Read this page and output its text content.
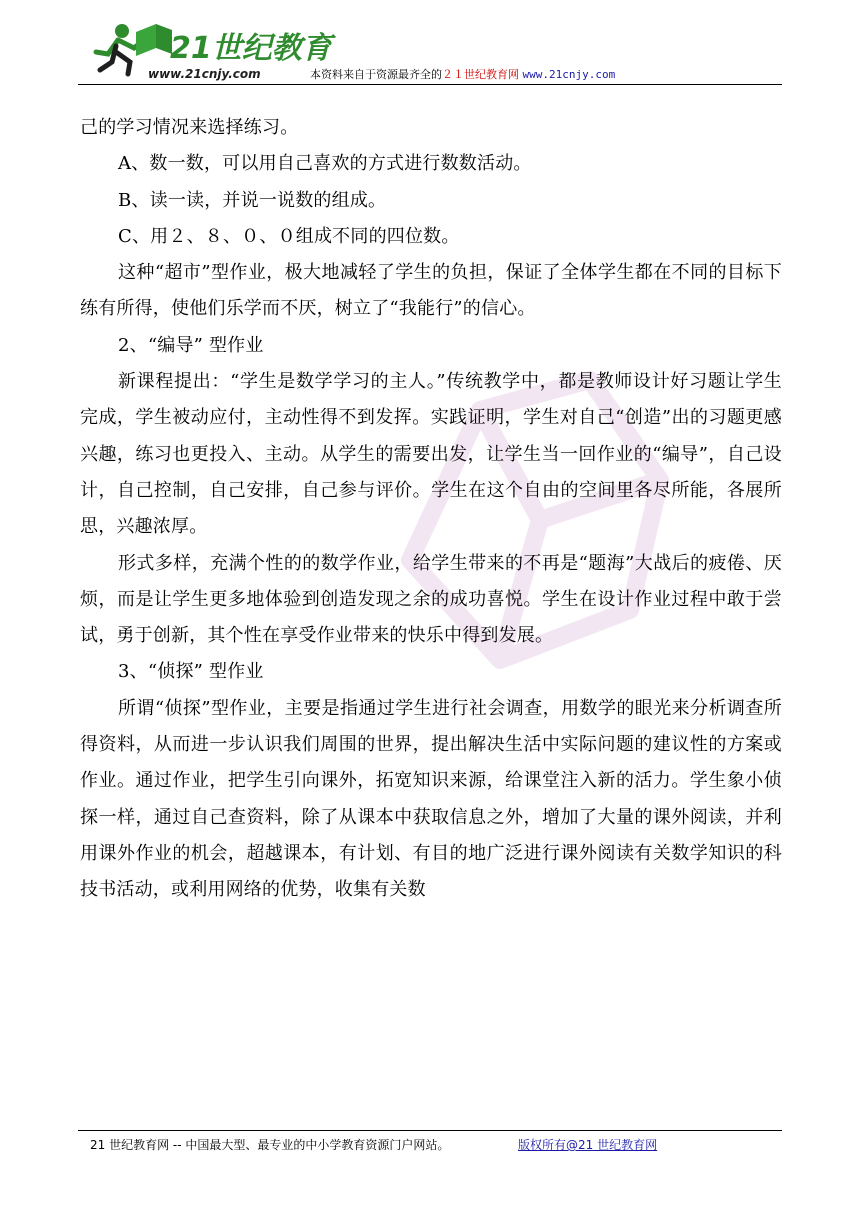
21世纪教育
www.21cnjy.com	本资料来自于资源最齐全的２１世纪教育网 www.21cnjy.com

己的学习情况来选择练习。

A、数一数，可以用自己喜欢的方式进行数数活动。

B、读一读，并说一说数的组成。

C、用２、８、０、０组成不同的四位数。

这种“超市”型作业，极大地减轻了学生的负担，保证了全体学生都在不同的目标下练有所得，使他们乐学而不厌，树立了“我能行”的信心。

2、“编导” 型作业

新课程提出：“学生是数学学习的主人。”传统教学中，都是教师设计好习题让学生完成，学生被动应付，主动性得不到发挥。实践证明，学生对自己“创造”出的习题更感兴趣，练习也更投入、主动。从学生的需要出发，让学生当一回作业的“编导”，自己设计，自己控制，自己安排，自己参与评价。学生在这个自由的空间里各尽所能，各展所思，兴趣浓厚。

形式多样，充满个性的的数学作业，给学生带来的不再是“题海”大战后的疲倦、厌烦，而是让学生更多地体验到创造发现之余的成功喜悦。学生在设计作业过程中敢于尝试，勇于创新，其个性在享受作业带来的快乐中得到发展。

3、“侦探” 型作业

所谓“侦探”型作业，主要是指通过学生进行社会调查，用数学的眼光来分析调查所得资料，从而进一步认识我们周围的世界，提出解决生活中实际问题的建议性的方案或作业。通过作业，把学生引向课外，拓宽知识来源，给课堂注入新的活力。学生象小侦探一样，通过自己查资料，除了从课本中获取信息之外，增加了大量的课外阅读，并利用课外作业的机会，超越课本，有计划、有目的地广泛进行课外阅读有关数学知识的科技书活动，或利用网络的优势，收集有关数

21 世纪教育网 -- 中国最大型、最专业的中小学教育资源门户网站。	版权所有@21 世纪教育网
